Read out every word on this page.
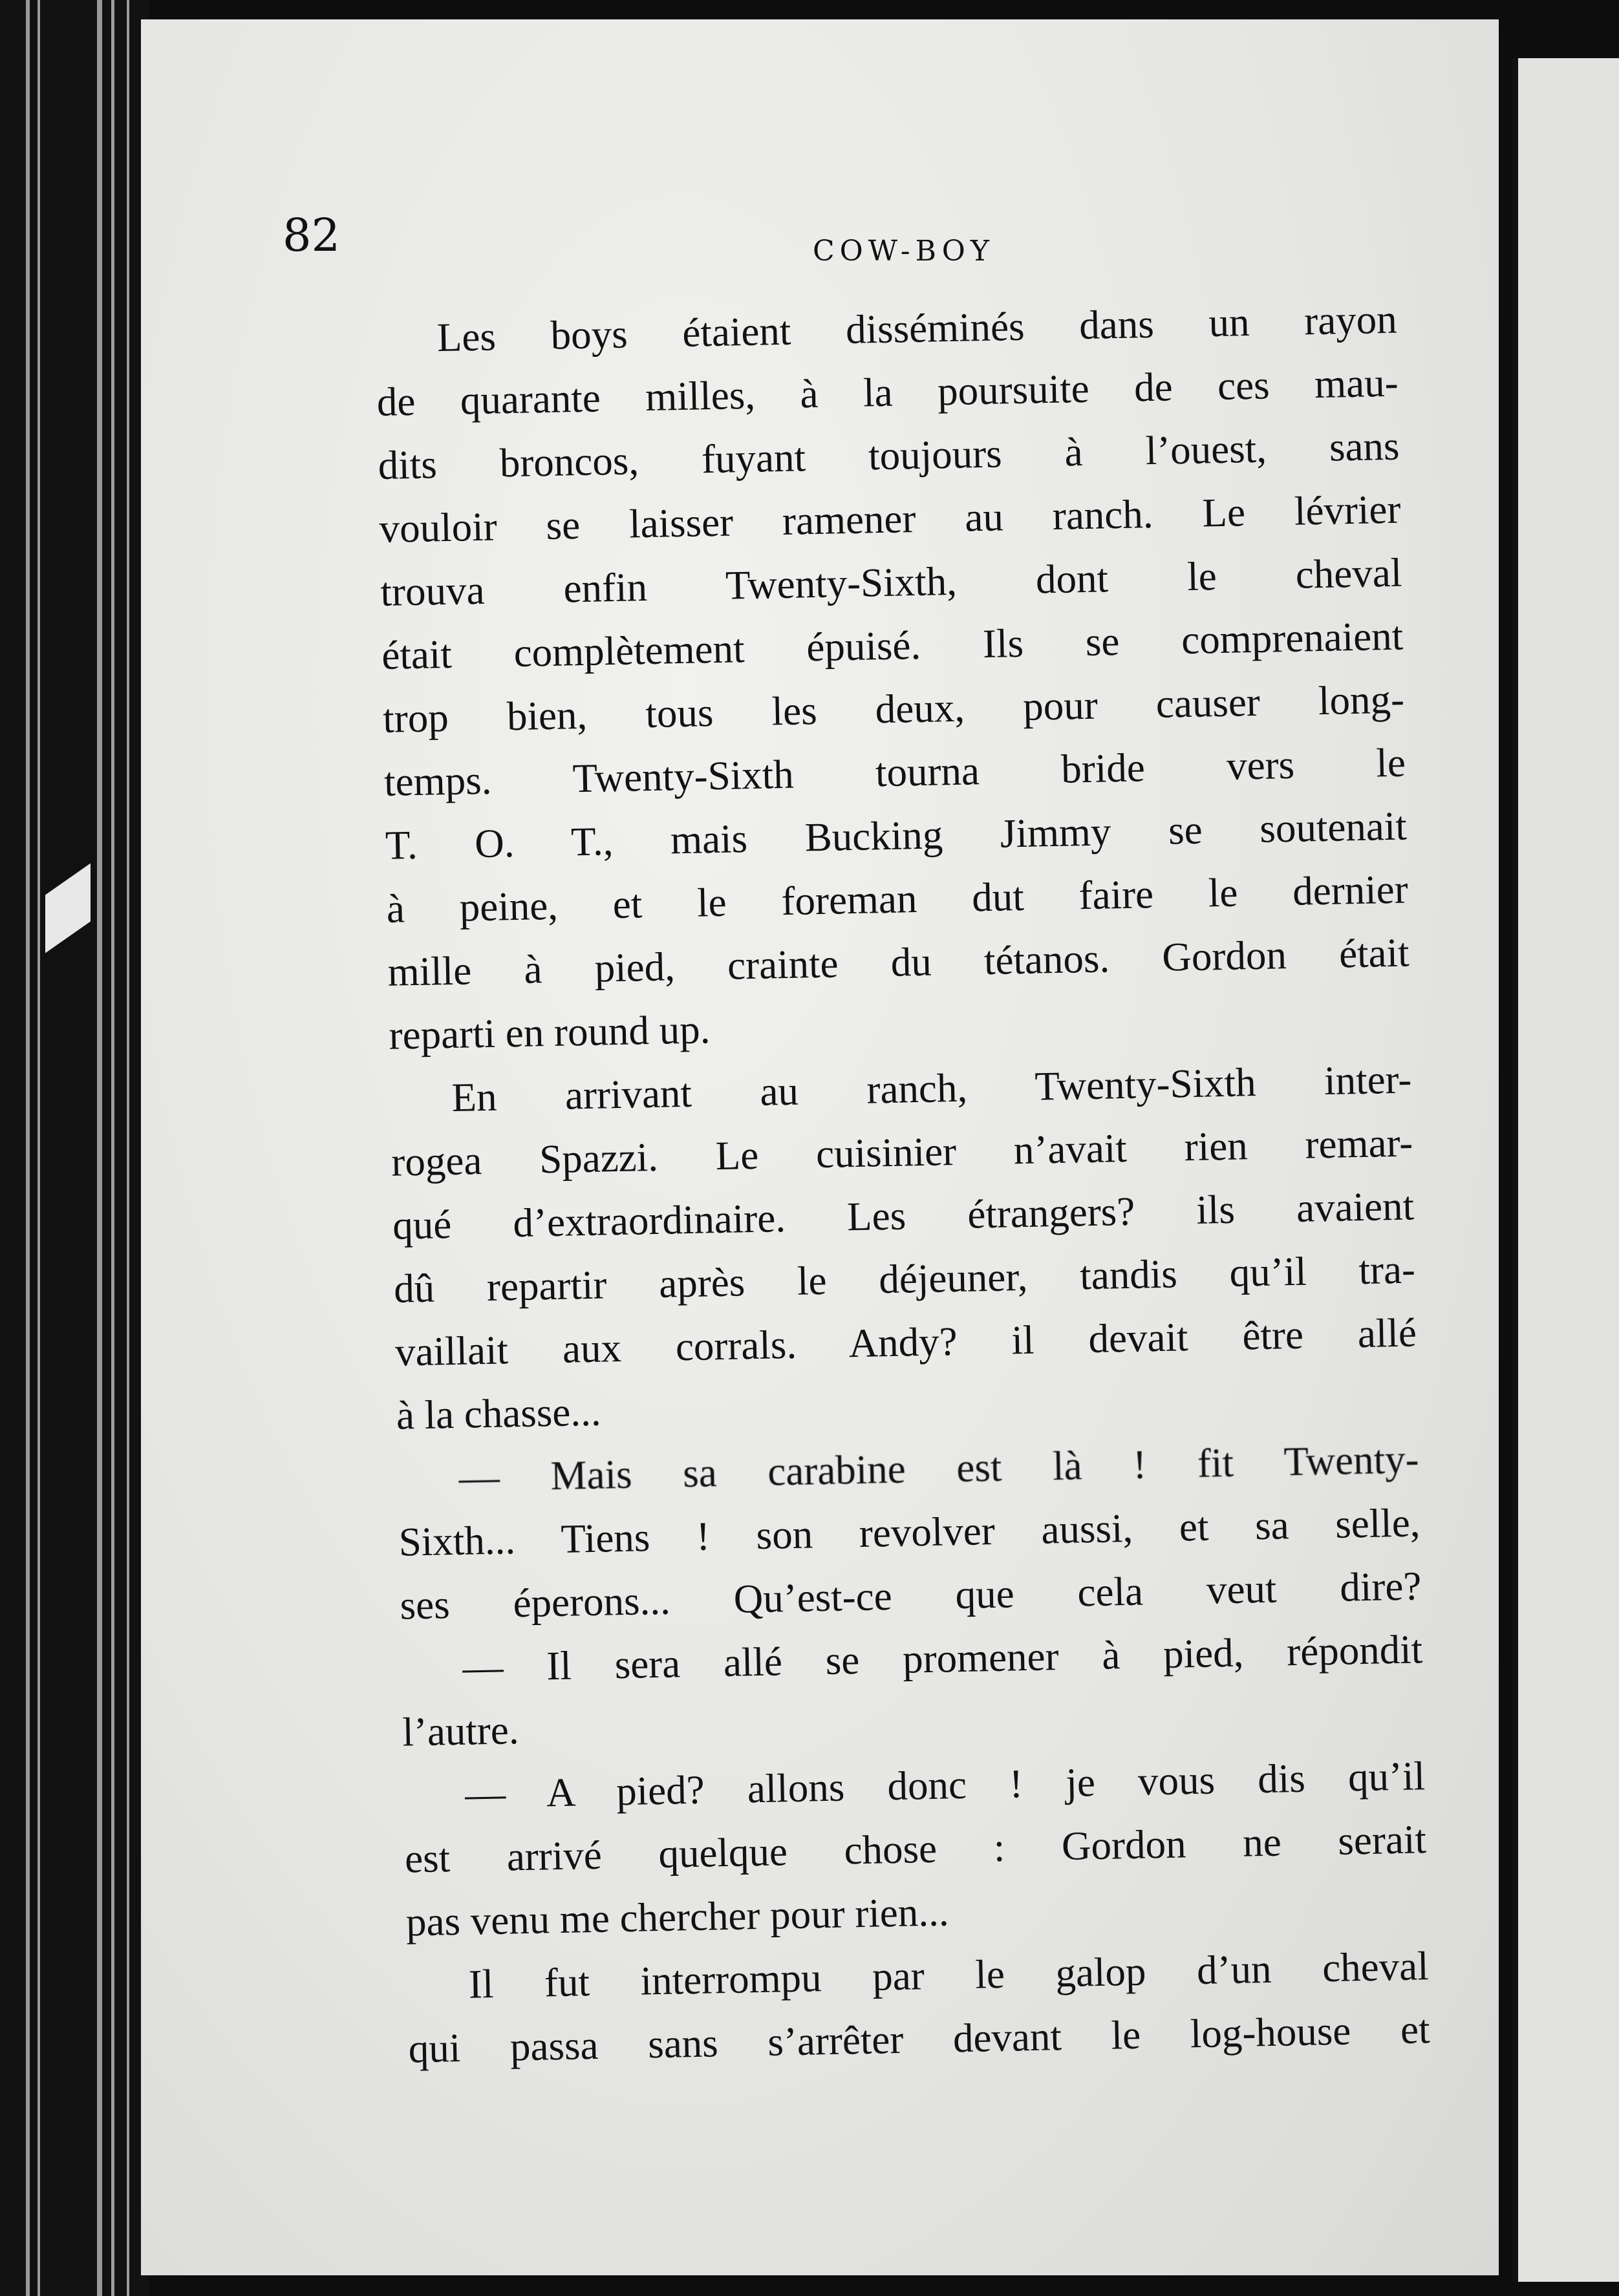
82	COW-BOY
Les boys étaient disséminés dans un rayon
de quarante milles, à la poursuite de ces mau-
dits broncos, fuyant toujours à l’ouest, sans
vouloir se laisser ramener au ranch. Le lévrier
trouva enfin Twenty-Sixth, dont le cheval
était complètement épuisé. Ils se comprenaient
trop bien, tous les deux, pour causer long-
temps. Twenty-Sixth tourna bride vers le
T. O. T., mais Bucking Jimmy se soutenait
à peine, et le foreman dut faire le dernier
mille à pied, crainte du tétanos. Gordon était
reparti en round up.
En arrivant au ranch, Twenty-Sixth inter-
rogea Spazzi. Le cuisinier n’avait rien remar-
qué d’extraordinaire. Les étrangers? ils avaient
dû repartir après le déjeuner, tandis qu’il tra-
vaillait aux corrals. Andy? il devait être allé
à la chasse...
— Mais sa carabine est là ! fit Twenty-
Sixth... Tiens ! son revolver aussi, et sa selle,
ses éperons... Qu’est-ce que cela veut dire?
— Il sera allé se promener à pied, répondit
l’autre.
— A pied? allons donc ! je vous dis qu’il
est arrivé quelque chose : Gordon ne serait
pas venu me chercher pour rien...
Il fut interrompu par le galop d’un cheval
qui passa sans s’arrêter devant le log-house et
